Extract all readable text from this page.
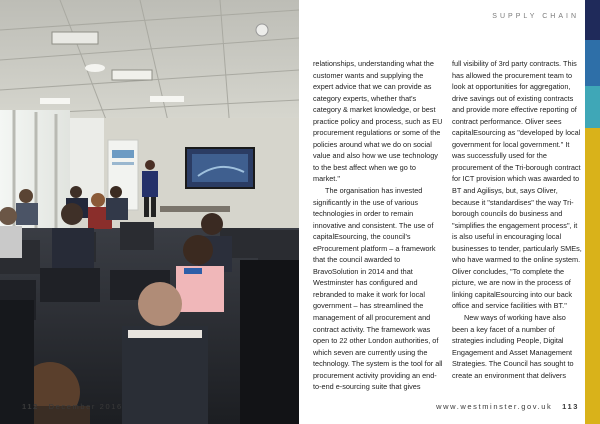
112 December 2016
SUPPLY CHAIN

relationships, understanding what the customer wants and supplying the expert advice that we can provide as category experts, whether that's category & market knowledge, or best practice policy and process, such as EU procurement regulations or some of the policies around what we do on social value and also how we use technology to the best affect when we go to market."

The organisation has invested significantly in the use of various technologies in order to remain innovative and consistent. The use of capitalEsourcing, the council's eProcurement platform – a framework that the council awarded to BravoSolution in 2014 and that Westminster has configured and rebranded to make it work for local government – has streamlined the management of all procurement and contract activity. The framework was open to 22 other London authorities, of which seven are currently using the technology. The system is the tool for all procurement activity providing an end-to-end e-sourcing suite that gives

full visibility of 3rd party contracts. This has allowed the procurement team to look at opportunities for aggregation, drive savings out of existing contracts and provide more effective reporting of contract performance. Oliver sees capitalEsourcing as "developed by local government for local government." It was successfully used for the procurement of the Tri-borough contract for ICT provision which was awarded to BT and Agilisys, but, says Oliver, because it "standardises" the way Tri-borough councils do business and "simplifies the engagement process", it is also useful in encouraging local businesses to tender, particularly SMEs, who have warmed to the online system. Oliver concludes, "To complete the picture, we are now in the process of linking capitalEsourcing into our back office and service facilities with BT."

New ways of working have also been a key facet of a number of strategies including People, Digital Engagement and Asset Management Strategies. The Council has sought to create an environment that delivers

www.westminster.gov.uk 113
